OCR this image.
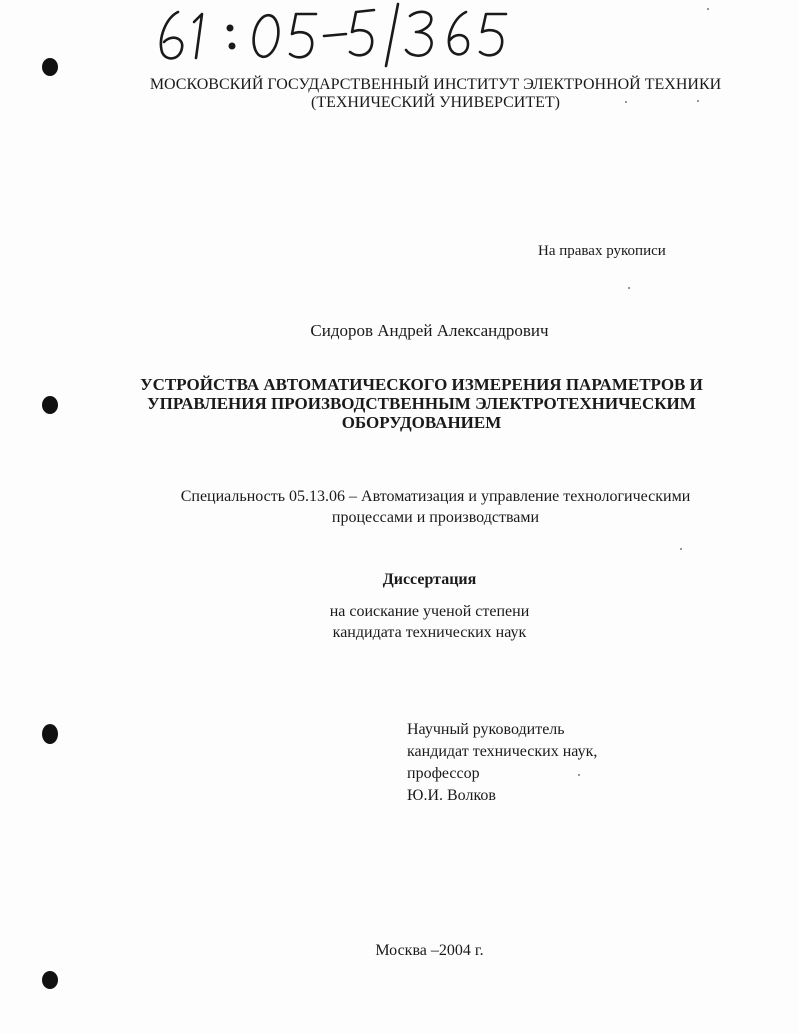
МОСКОВСКИЙ ГОСУДАРСТВЕННЫЙ ИНСТИТУТ ЭЛЕКТРОННОЙ ТЕХНИКИ
(ТЕХНИЧЕСКИЙ УНИВЕРСИТЕТ)
На правах рукописи
Сидоров Андрей Александрович
УСТРОЙСТВА АВТОМАТИЧЕСКОГО ИЗМЕРЕНИЯ ПАРАМЕТРОВ И
УПРАВЛЕНИЯ ПРОИЗВОДСТВЕННЫМ ЭЛЕКТРОТЕХНИЧЕСКИМ
ОБОРУДОВАНИЕМ
Специальность 05.13.06 – Автоматизация и управление технологическими
процессами и производствами
Диссертация
на соискание ученой степени
кандидата технических наук
Научный руководитель
кандидат технических наук,
профессор
Ю.И. Волков
Москва –2004 г.
